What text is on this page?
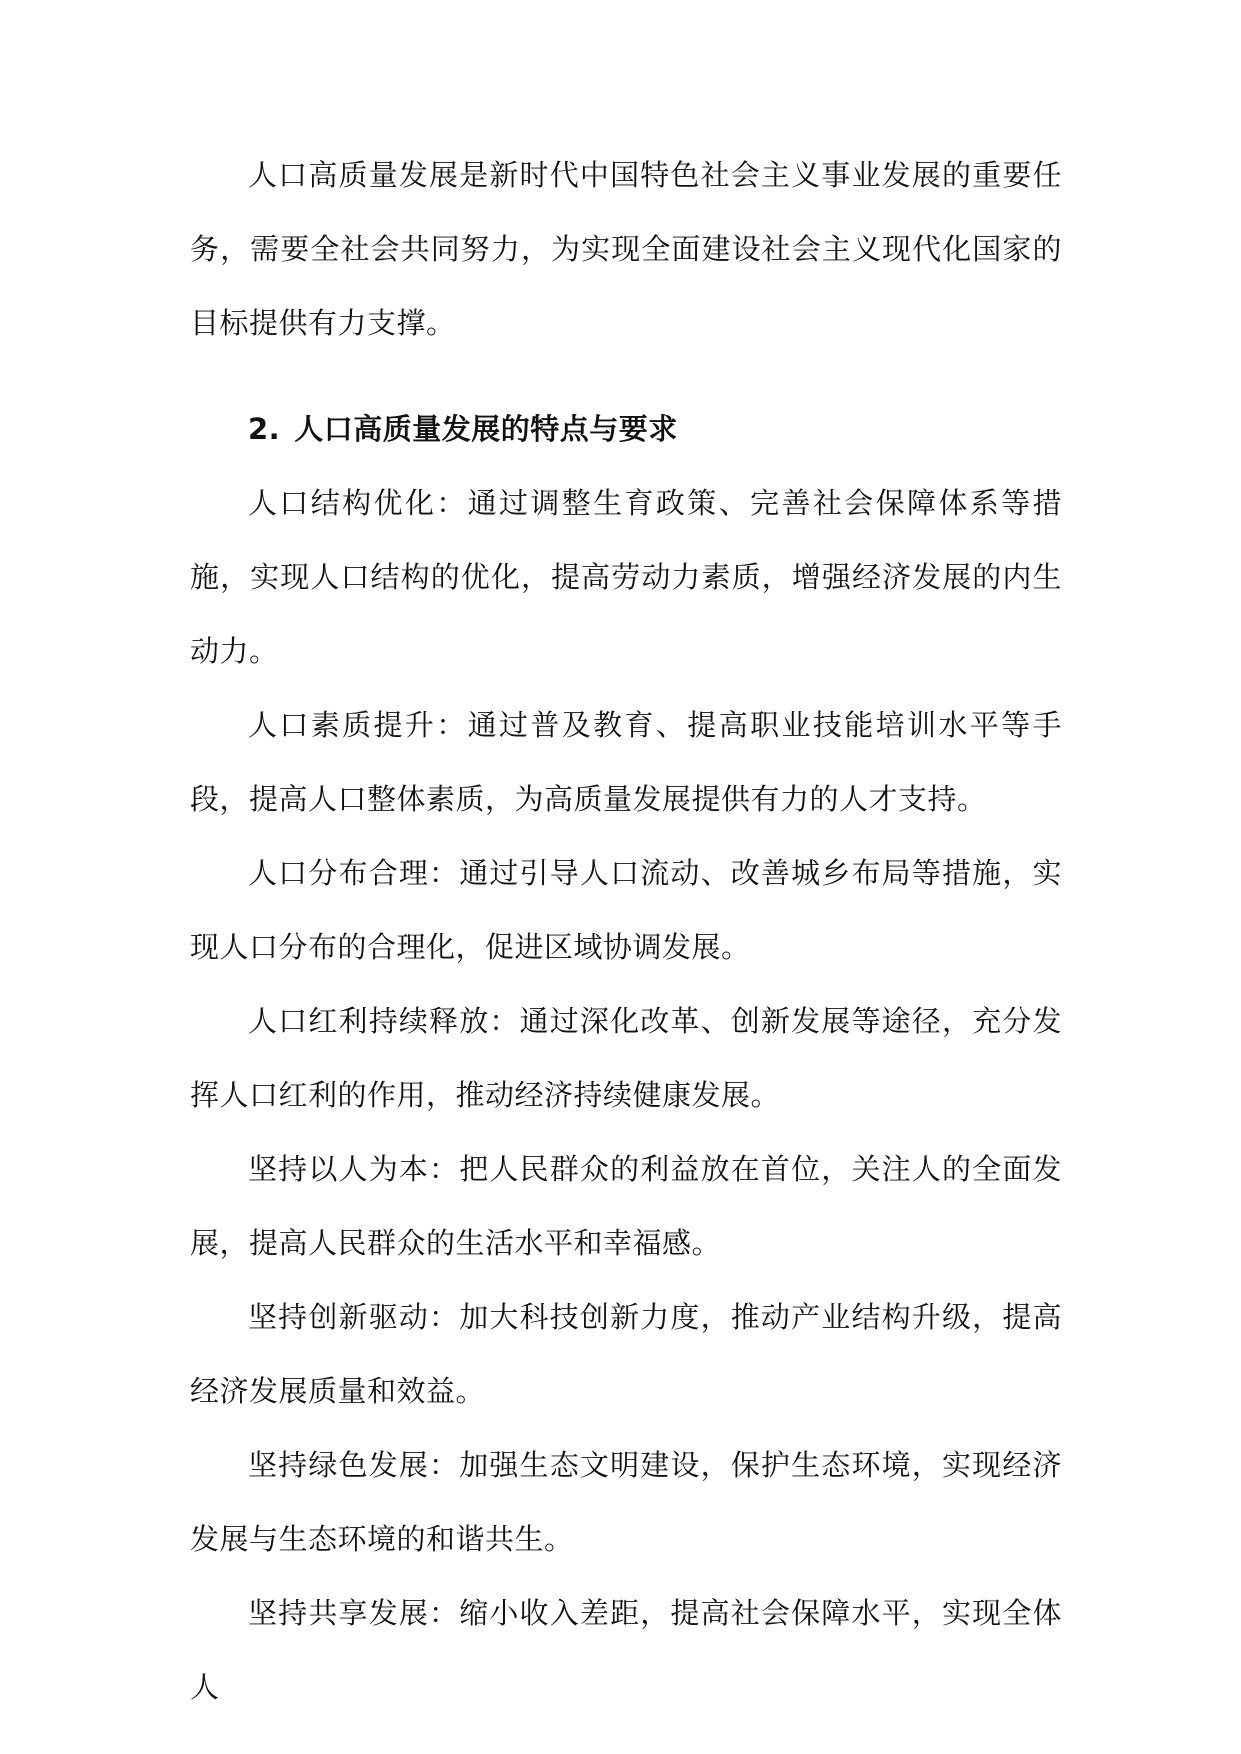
人口高质量发展是新时代中国特色社会主义事业发展的重要任务，需要全社会共同努力，为实现全面建设社会主义现代化国家的目标提供有力支撑。

2. 人口高质量发展的特点与要求

人口结构优化：通过调整生育政策、完善社会保障体系等措施，实现人口结构的优化，提高劳动力素质，增强经济发展的内生动力。

人口素质提升：通过普及教育、提高职业技能培训水平等手段，提高人口整体素质，为高质量发展提供有力的人才支持。

人口分布合理：通过引导人口流动、改善城乡布局等措施，实现人口分布的合理化，促进区域协调发展。

人口红利持续释放：通过深化改革、创新发展等途径，充分发挥人口红利的作用，推动经济持续健康发展。

坚持以人为本：把人民群众的利益放在首位，关注人的全面发展，提高人民群众的生活水平和幸福感。

坚持创新驱动：加大科技创新力度，推动产业结构升级，提高经济发展质量和效益。

坚持绿色发展：加强生态文明建设，保护生态环境，实现经济发展与生态环境的和谐共生。

坚持共享发展：缩小收入差距，提高社会保障水平，实现全体人
